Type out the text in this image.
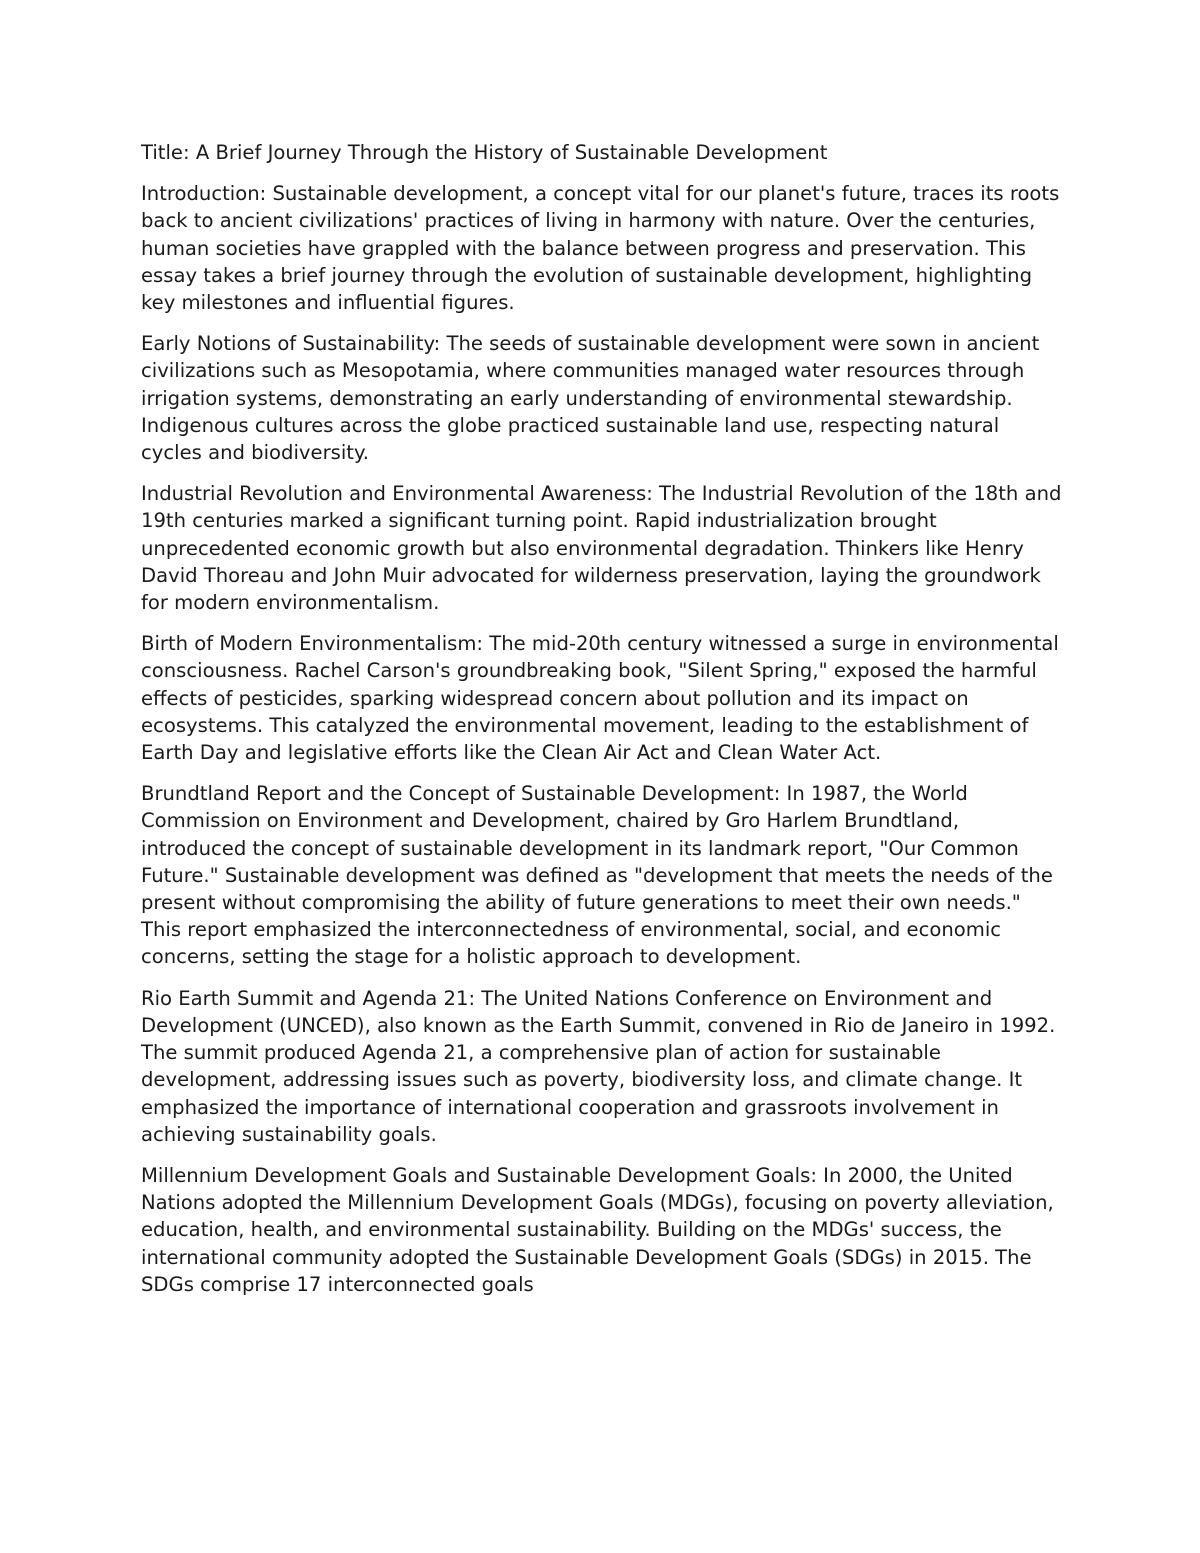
Title: A Brief Journey Through the History of Sustainable Development

Introduction: Sustainable development, a concept vital for our planet's future, traces its roots back to ancient civilizations' practices of living in harmony with nature. Over the centuries, human societies have grappled with the balance between progress and preservation. This essay takes a brief journey through the evolution of sustainable development, highlighting key milestones and influential figures.

Early Notions of Sustainability: The seeds of sustainable development were sown in ancient civilizations such as Mesopotamia, where communities managed water resources through irrigation systems, demonstrating an early understanding of environmental stewardship. Indigenous cultures across the globe practiced sustainable land use, respecting natural cycles and biodiversity.

Industrial Revolution and Environmental Awareness: The Industrial Revolution of the 18th and 19th centuries marked a significant turning point. Rapid industrialization brought unprecedented economic growth but also environmental degradation. Thinkers like Henry David Thoreau and John Muir advocated for wilderness preservation, laying the groundwork for modern environmentalism.

Birth of Modern Environmentalism: The mid-20th century witnessed a surge in environmental consciousness. Rachel Carson's groundbreaking book, "Silent Spring," exposed the harmful effects of pesticides, sparking widespread concern about pollution and its impact on ecosystems. This catalyzed the environmental movement, leading to the establishment of Earth Day and legislative efforts like the Clean Air Act and Clean Water Act.

Brundtland Report and the Concept of Sustainable Development: In 1987, the World Commission on Environment and Development, chaired by Gro Harlem Brundtland, introduced the concept of sustainable development in its landmark report, "Our Common Future." Sustainable development was defined as "development that meets the needs of the present without compromising the ability of future generations to meet their own needs." This report emphasized the interconnectedness of environmental, social, and economic concerns, setting the stage for a holistic approach to development.

Rio Earth Summit and Agenda 21: The United Nations Conference on Environment and Development (UNCED), also known as the Earth Summit, convened in Rio de Janeiro in 1992. The summit produced Agenda 21, a comprehensive plan of action for sustainable development, addressing issues such as poverty, biodiversity loss, and climate change. It emphasized the importance of international cooperation and grassroots involvement in achieving sustainability goals.

Millennium Development Goals and Sustainable Development Goals: In 2000, the United Nations adopted the Millennium Development Goals (MDGs), focusing on poverty alleviation, education, health, and environmental sustainability. Building on the MDGs' success, the international community adopted the Sustainable Development Goals (SDGs) in 2015. The SDGs comprise 17 interconnected goals
